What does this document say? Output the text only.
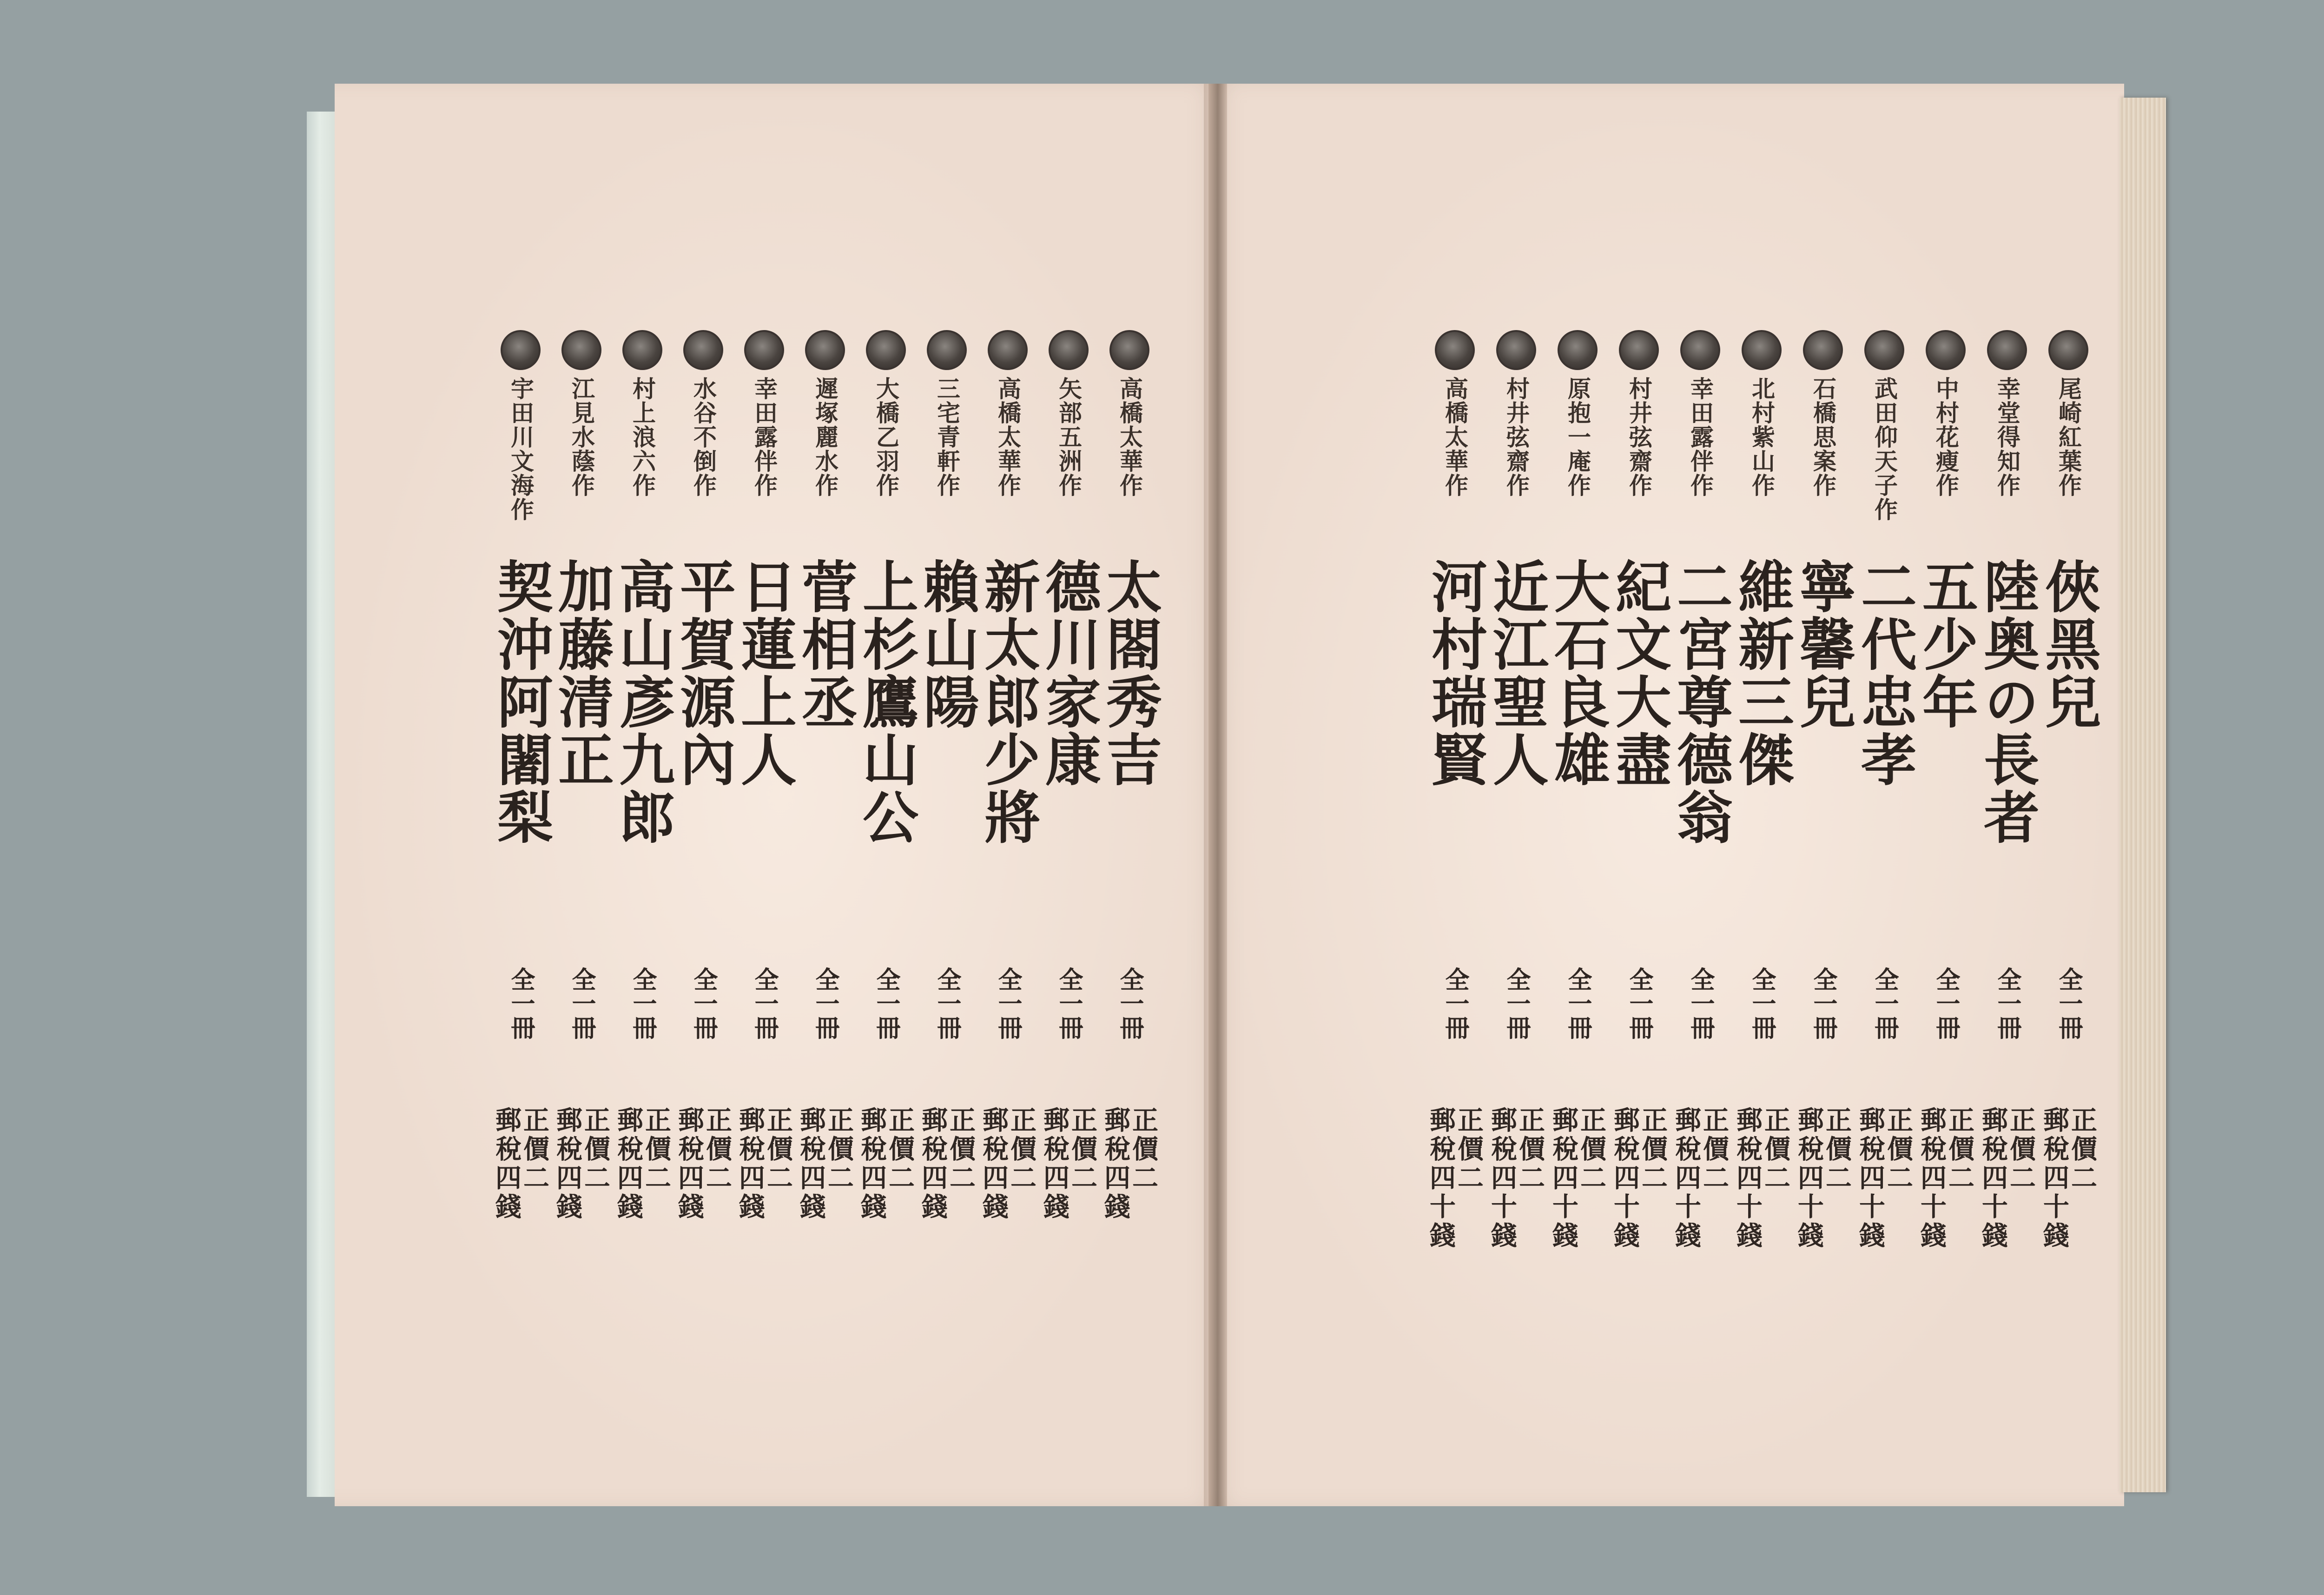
高橋太華作
太閤秀吉
全一冊
正價二
郵稅四錢
矢部五洲作
德川家康
全一冊
正價二
郵稅四錢
高橋太華作
新太郎少將
全一冊
正價二
郵稅四錢
三宅青軒作
賴山陽
全一冊
正價二
郵稅四錢
大橋乙羽作
上杉鷹山公
全一冊
正價二
郵稅四錢
遲塚麗水作
菅相丞
全一冊
正價二
郵稅四錢
幸田露伴作
日蓮上人
全一冊
正價二
郵稅四錢
水谷不倒作
平賀源內
全一冊
正價二
郵稅四錢
村上浪六作
高山彥九郎
全一冊
正價二
郵稅四錢
江見水蔭作
加藤清正
全一冊
正價二
郵稅四錢
宇田川文海作
契沖阿闍梨
全一冊
正價二
郵稅四錢
尾崎紅葉作
俠黑兒
全一冊
正價二
郵稅四十錢
幸堂得知作
陸奥の長者
全一冊
正價二
郵稅四十錢
中村花瘦作
五少年
全一冊
正價二
郵稅四十錢
武田仰天子作
二代忠孝
全一冊
正價二
郵稅四十錢
石橋思案作
寧馨兒
全一冊
正價二
郵稅四十錢
北村紫山作
維新三傑
全一冊
正價二
郵稅四十錢
幸田露伴作
二宮尊德翁
全一冊
正價二
郵稅四十錢
村井弦齋作
紀文大盡
全一冊
正價二
郵稅四十錢
原抱一庵作
大石良雄
全一冊
正價二
郵稅四十錢
村井弦齋作
近江聖人
全一冊
正價二
郵稅四十錢
高橋太華作
河村瑞賢
全一冊
正價二
郵稅四十錢
